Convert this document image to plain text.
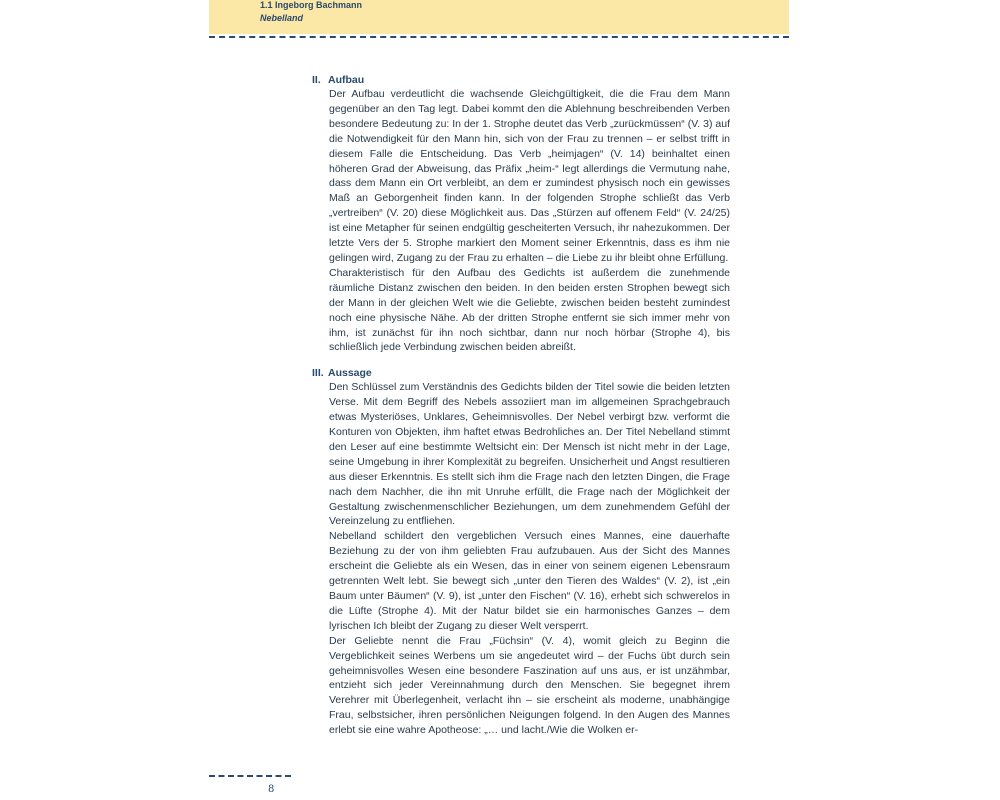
1.1 Ingeborg Bachmann
Nebelland
II. Aufbau

Der Aufbau verdeutlicht die wachsende Gleichgültigkeit, die die Frau dem Mann gegenüber an den Tag legt. Dabei kommt den die Ablehnung beschreibenden Verben besondere Bedeutung zu: In der 1. Strophe deutet das Verb „zurückmüssen“ (V. 3) auf die Notwendigkeit für den Mann hin, sich von der Frau zu trennen – er selbst trifft in diesem Falle die Entscheidung. Das Verb „heimjagen“ (V. 14) beinhaltet einen höheren Grad der Abweisung, das Präfix „heim-“ legt allerdings die Vermutung nahe, dass dem Mann ein Ort verbleibt, an dem er zumindest physisch noch ein gewisses Maß an Geborgenheit finden kann. In der folgenden Strophe schließt das Verb „vertreiben“ (V. 20) diese Möglichkeit aus. Das „Stürzen auf offenem Feld“ (V. 24/25) ist eine Metapher für seinen endgültig gescheiterten Versuch, ihr nahezukommen. Der letzte Vers der 5. Strophe markiert den Moment seiner Erkenntnis, dass es ihm nie gelingen wird, Zugang zu der Frau zu erhalten – die Liebe zu ihr bleibt ohne Erfüllung.

Charakteristisch für den Aufbau des Gedichts ist außerdem die zunehmende räumliche Distanz zwischen den beiden. In den beiden ersten Strophen bewegt sich der Mann in der gleichen Welt wie die Geliebte, zwischen beiden besteht zumindest noch eine physische Nähe. Ab der dritten Strophe entfernt sie sich immer mehr von ihm, ist zunächst für ihn noch sichtbar, dann nur noch hörbar (Strophe 4), bis schließlich jede Verbindung zwischen beiden abreißt.

III. Aussage

Den Schlüssel zum Verständnis des Gedichts bilden der Titel sowie die beiden letzten Verse. Mit dem Begriff des Nebels assoziiert man im allgemeinen Sprachgebrauch etwas Mysteriöses, Unklares, Geheimnisvolles. Der Nebel verbirgt bzw. verformt die Konturen von Objekten, ihm haftet etwas Bedrohliches an. Der Titel Nebelland stimmt den Leser auf eine bestimmte Weltsicht ein: Der Mensch ist nicht mehr in der Lage, seine Umgebung in ihrer Komplexität zu begreifen. Unsicherheit und Angst resultieren aus dieser Erkenntnis. Es stellt sich ihm die Frage nach den letzten Dingen, die Frage nach dem Nachher, die ihn mit Unruhe erfüllt, die Frage nach der Möglichkeit der Gestaltung zwischenmenschlicher Beziehungen, um dem zunehmendem Gefühl der Vereinzelung zu entfliehen.

Nebelland schildert den vergeblichen Versuch eines Mannes, eine dauerhafte Beziehung zu der von ihm geliebten Frau aufzubauen. Aus der Sicht des Mannes erscheint die Geliebte als ein Wesen, das in einer von seinem eigenen Lebensraum getrennten Welt lebt. Sie bewegt sich „unter den Tieren des Waldes“ (V. 2), ist „ein Baum unter Bäumen“ (V. 9), ist „unter den Fischen“ (V. 16), erhebt sich schwerelos in die Lüfte (Strophe 4). Mit der Natur bildet sie ein harmonisches Ganzes – dem lyrischen Ich bleibt der Zugang zu dieser Welt versperrt.

Der Geliebte nennt die Frau „Füchsin“ (V. 4), womit gleich zu Beginn die Vergeblichkeit seines Werbens um sie angedeutet wird – der Fuchs übt durch sein geheimnisvolles Wesen eine besondere Faszination auf uns aus, er ist unzähmbar, entzieht sich jeder Vereinnahmung durch den Menschen. Sie begegnet ihrem Verehrer mit Überlegenheit, verlacht ihn – sie erscheint als moderne, unabhängige Frau, selbstsicher, ihren persönlichen Neigungen folgend. In den Augen des Mannes erlebt sie eine wahre Apotheose: „… und lacht./Wie die Wolken er-

8
